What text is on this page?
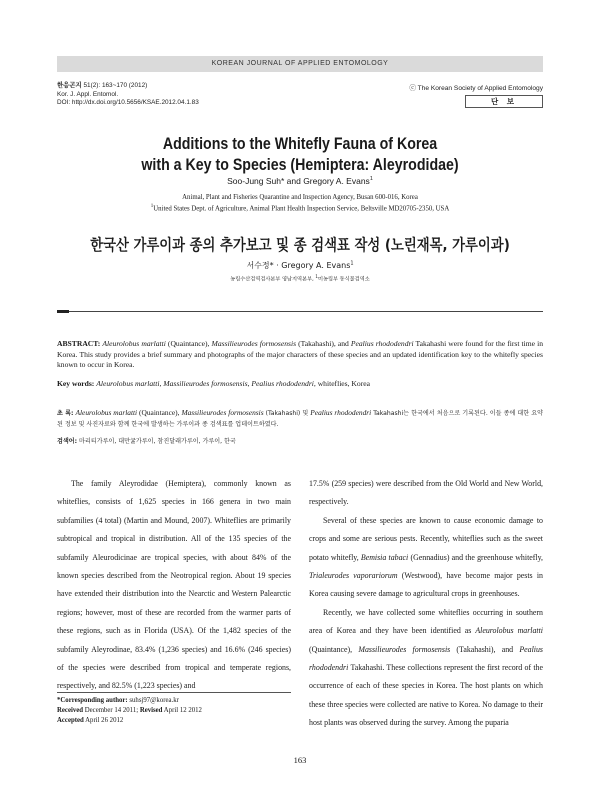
KOREAN JOURNAL OF APPLIED ENTOMOLOGY
한응곤지 51(2): 163~170 (2012)
Kor. J. Appl. Entomol.
DOI: http://dx.doi.org/10.5656/KSAE.2012.04.1.83
ⓒ The Korean Society of Applied Entomology
단 보
Additions to the Whitefly Fauna of Korea
with a Key to Species (Hemiptera: Aleyrodidae)
Soo-Jung Suh* and Gregory A. Evans$^1$
Animal, Plant and Fisheries Quarantine and Inspection Agency, Busan 600-016, Korea
$^1$United States Dept. of Agriculture, Animal Plant Health Inspection Service, Beltsville MD20705-2350, USA
한국산 가루이과 종의 추가보고 및 종 검색표 작성 (노린재목, 가루이과)
서수정* · Gregory A. Evans$^1$
농림수산검역검사본부 영남지역본부, $^1$미농림부 동식물검역소
ABSTRACT: Aleurolobus marlatti (Quaintance), Massilieurodes formosensis (Takahashi), and Pealius rhododendri Takahashi were found for the first time in Korea. This study provides a brief summary and photographs of the major characters of these species and an updated identification key to the whitefly species known to occur in Korea.
Key words: Aleurolobus marlatti, Massilieurodes formosensis, Pealius rhododendri, whiteflies, Korea
초 록: Aleurolobus marlatti (Quaintance), Massilieurodes formosensis (Takahashi) 및 Pealius rhododendri Takahashi는 한국에서 처음으로 기록된다. 이들 종에 대한 요약된 정보 및 사진자료와 함께 한국에 발생하는 가루이과 종 검색표를 업데이트하였다.
검색어: 마리티가루이, 대만귤가루이, 참진달래가루이, 가루이, 한국

The family Aleyrodidae (Hemiptera), commonly known as whiteflies, consists of 1,625 species in 166 genera in two main subfamilies (4 total) (Martin and Mound, 2007). Whiteflies are primarily subtropical and tropical in distribution. All of the 135 species of the subfamily Aleurodicinae are tropical species, with about 84% of the known species described from the Neotropical region. About 19 species have extended their distribution into the Nearctic and Western Palearctic regions; however, most of these are recorded from the warmer parts of these regions, such as in Florida (USA). Of the 1,482 species of the subfamily Aleyrodinae, 83.4% (1,236 species) and 16.6% (246 species) of the species were described from tropical and temperate regions, respectively, and 82.5% (1,223 species) and

17.5% (259 species) were described from the Old World and New World, respectively.

Several of these species are known to cause economic damage to crops and some are serious pests. Recently, whiteflies such as the sweet potato whitefly, Bemisia tabaci (Gennadius) and the greenhouse whitefly, Trialeurodes vaporariorum (Westwood), have become major pests in Korea causing severe damage to agricultural crops in greenhouses.

Recently, we have collected some whiteflies occurring in southern area of Korea and they have been identified as Aleurolobus marlatti (Quaintance), Massilieurodes formosensis (Takahashi), and Pealius rhododendri Takahashi. These collections represent the first record of the occurrence of each of these species in Korea. The host plants on which these three species were collected are native to Korea. No damage to their host plants was observed during the survey. Among the puparia

*Corresponding author: suhsj97@korea.kr
Received December 14 2011; Revised April 12 2012
Accepted April 26 2012
163
